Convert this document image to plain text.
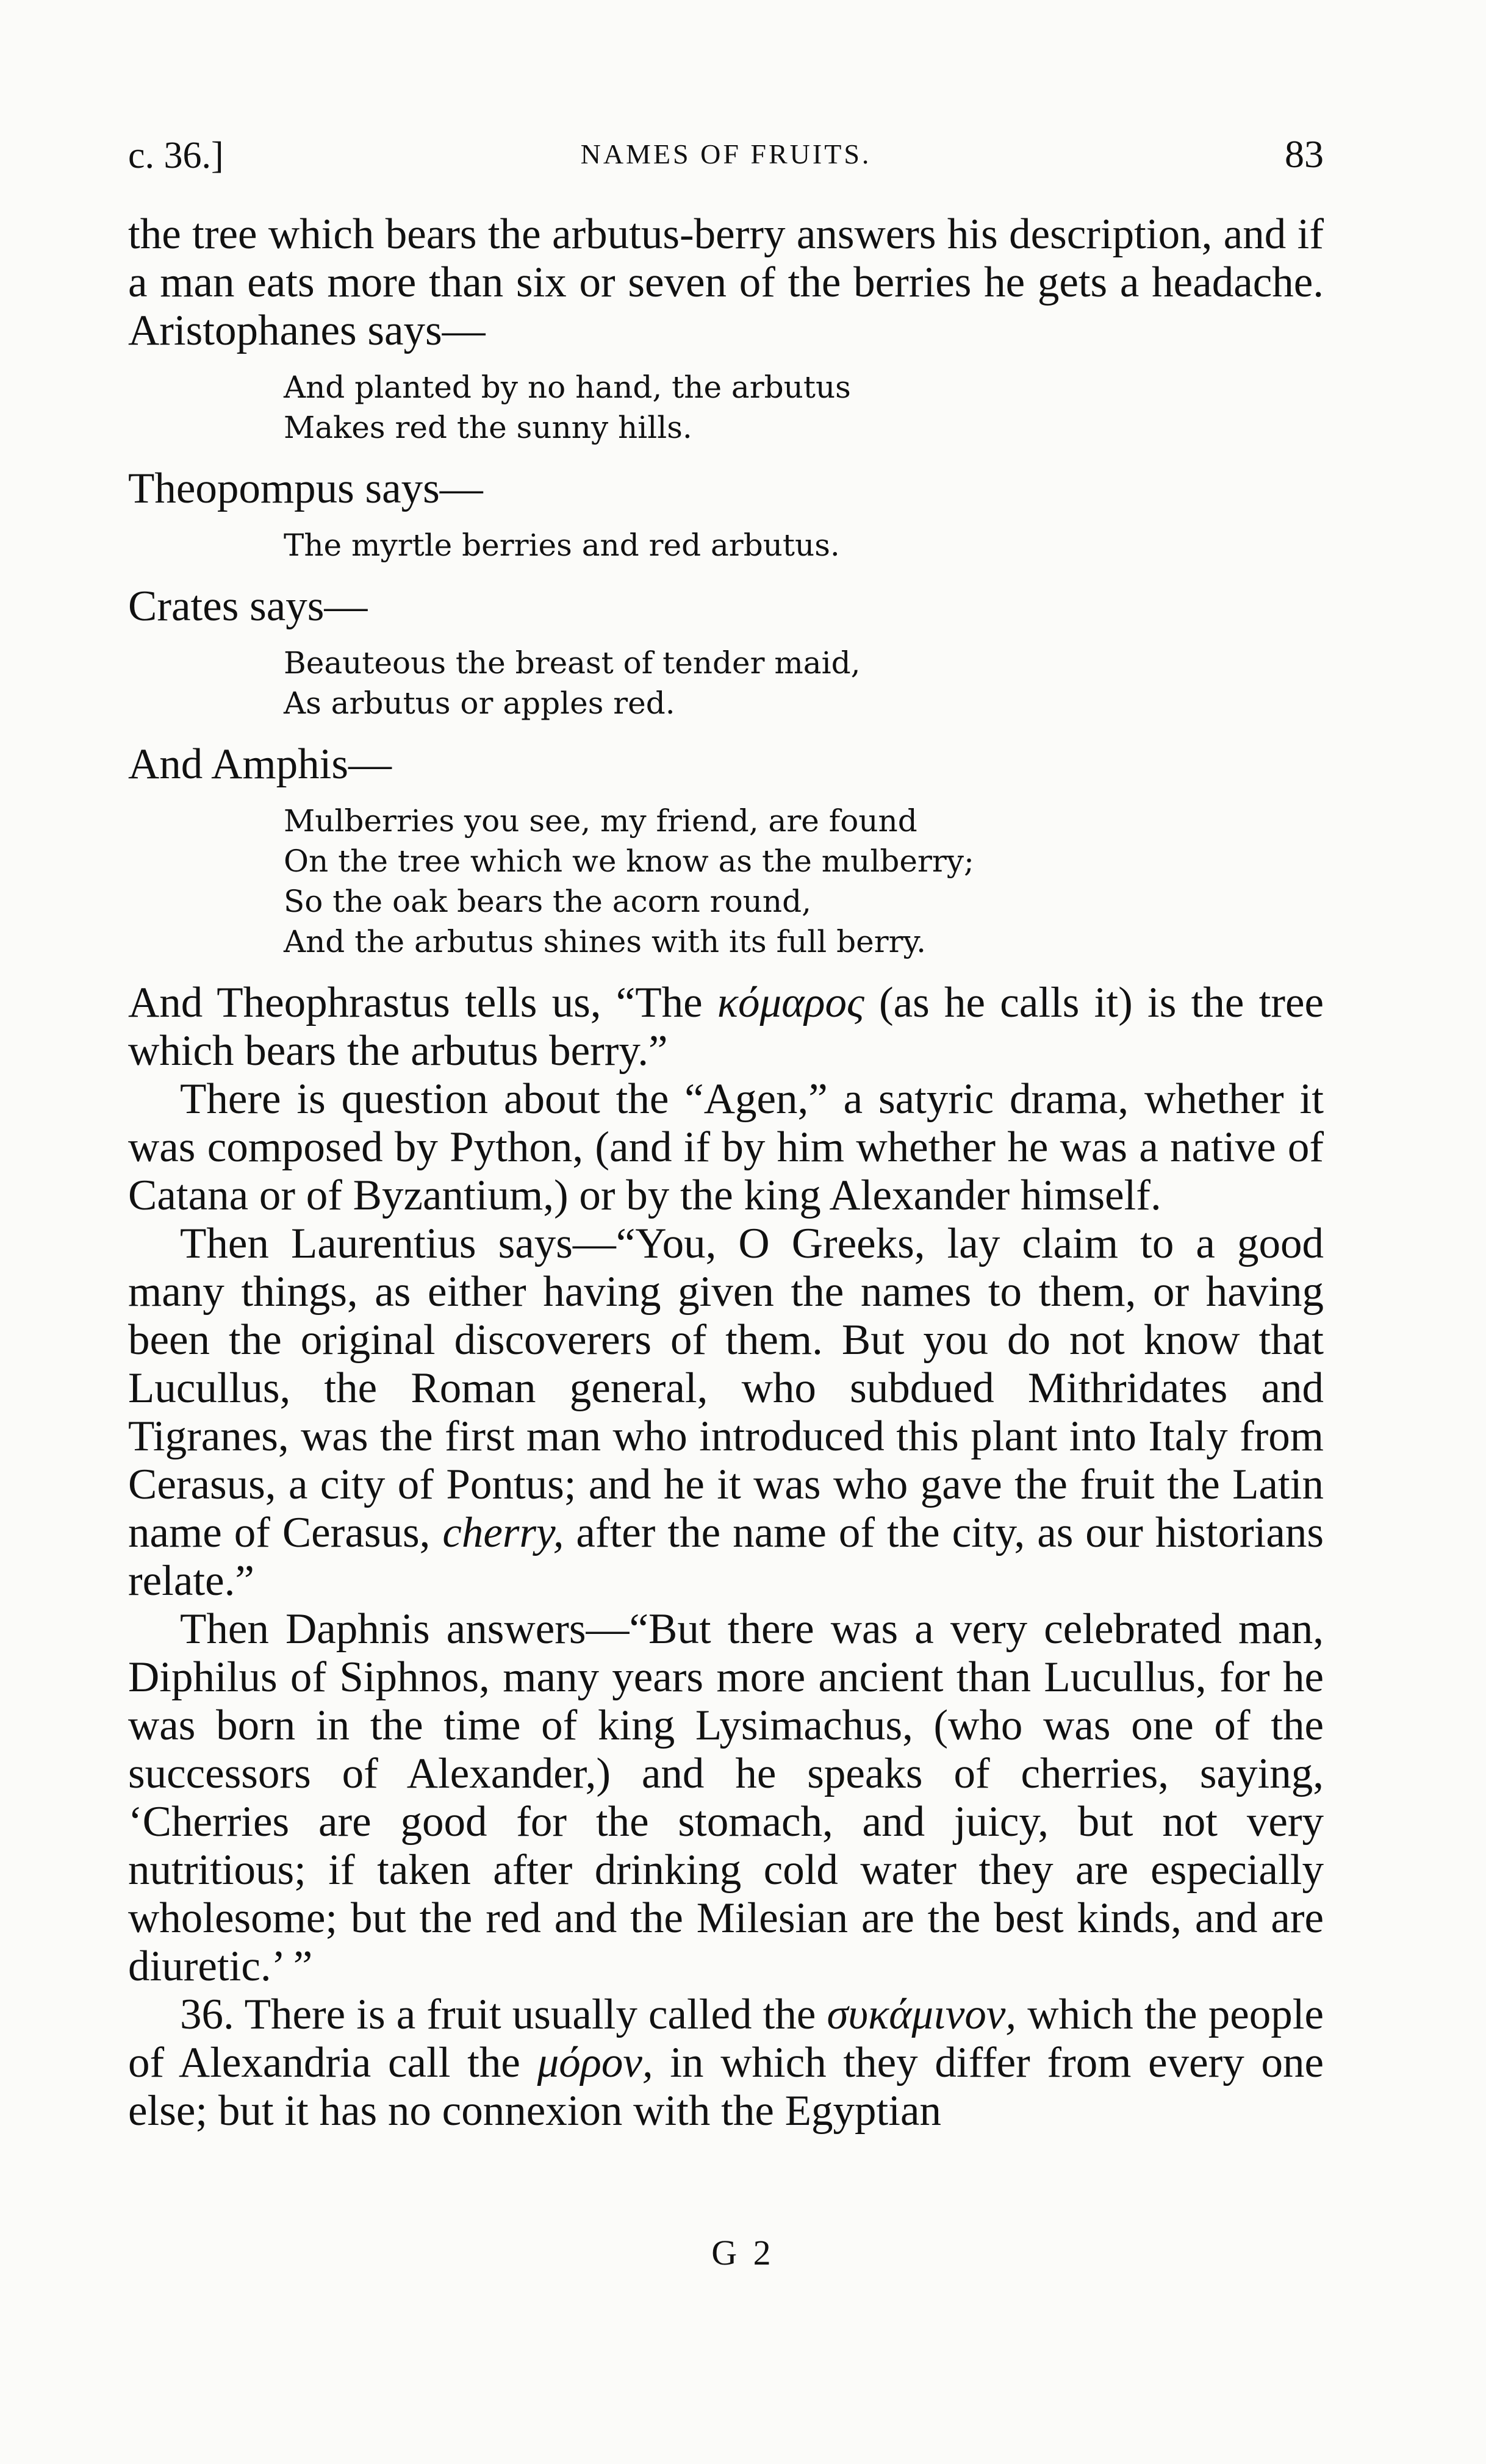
c. 36.]	NAMES OF FRUITS.	83

the tree which bears the arbutus-berry answers his description, and if a man eats more than six or seven of the berries he gets a headache. Aristophanes says—

And planted by no hand, the arbutus
Makes red the sunny hills.

Theopompus says—

The myrtle berries and red arbutus.

Crates says—

Beauteous the breast of tender maid,
As arbutus or apples red.

And Amphis—

Mulberries you see, my friend, are found
On the tree which we know as the mulberry;
So the oak bears the acorn round,
And the arbutus shines with its full berry.

And Theophrastus tells us, “The κόμαρος (as he calls it) is the tree which bears the arbutus berry.”

There is question about the “Agen,” a satyric drama, whether it was composed by Python, (and if by him whether he was a native of Catana or of Byzantium,) or by the king Alexander himself.

Then Laurentius says—“You, O Greeks, lay claim to a good many things, as either having given the names to them, or having been the original discoverers of them. But you do not know that Lucullus, the Roman general, who subdued Mithridates and Tigranes, was the first man who introduced this plant into Italy from Cerasus, a city of Pontus; and he it was who gave the fruit the Latin name of Cerasus, cherry, after the name of the city, as our historians relate.”

Then Daphnis answers—“But there was a very celebrated man, Diphilus of Siphnos, many years more ancient than Lucullus, for he was born in the time of king Lysimachus, (who was one of the successors of Alexander,) and he speaks of cherries, saying, ‘Cherries are good for the stomach, and juicy, but not very nutritious; if taken after drinking cold water they are especially wholesome; but the red and the Milesian are the best kinds, and are diuretic.’ ”

36. There is a fruit usually called the συκάμινον, which the people of Alexandria call the μόρον, in which they differ from every one else; but it has no connexion with the Egyptian

G 2
